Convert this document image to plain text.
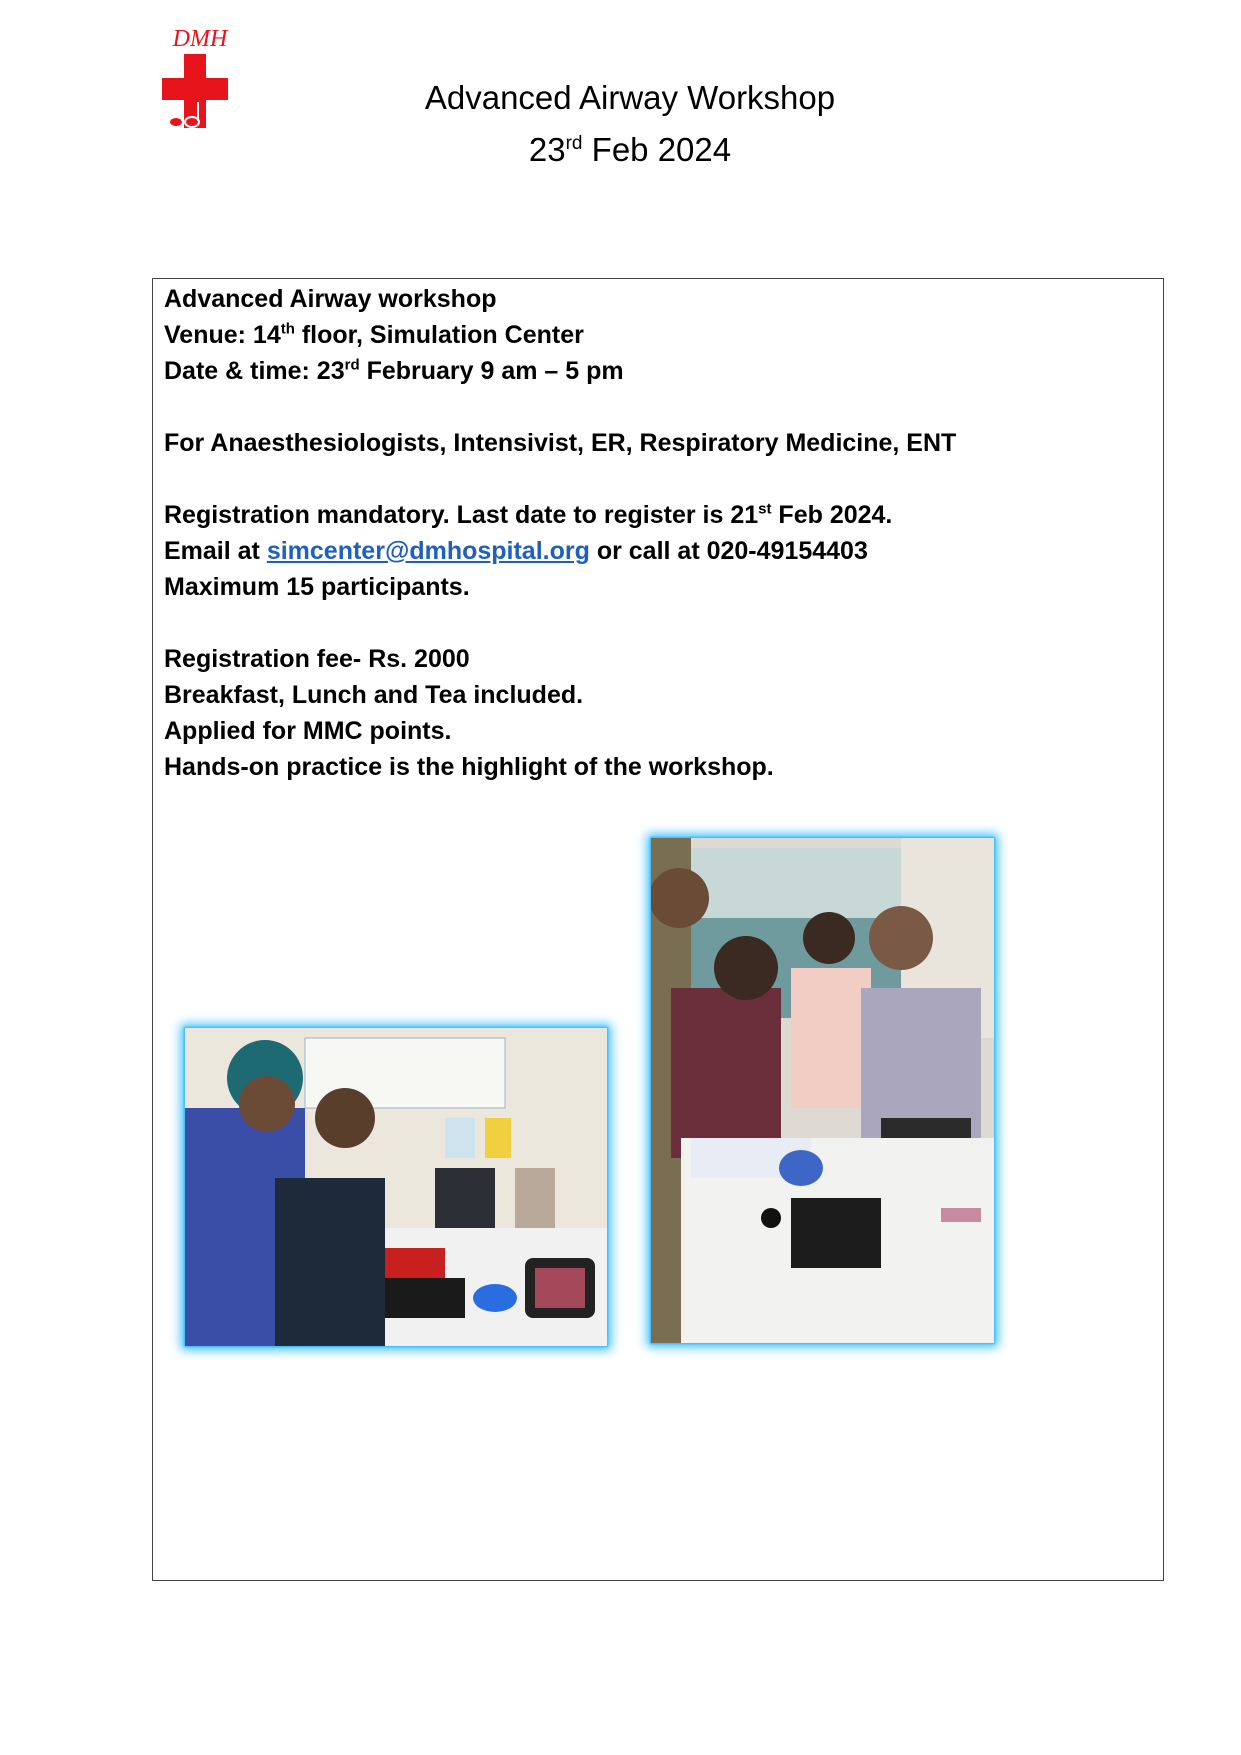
DMH
Advanced Airway Workshop
23rd Feb 2024

Advanced Airway workshop

Venue: 14th floor, Simulation Center

Date & time: 23rd February 9 am – 5 pm

For Anaesthesiologists, Intensivist, ER, Respiratory Medicine, ENT

Registration mandatory. Last date to register is 21st Feb 2024.

Email at simcenter@dmhospital.org or call at 020-49154403

Maximum 15 participants.

Registration fee- Rs. 2000

Breakfast, Lunch and Tea included.

Applied for MMC points.

Hands-on practice is the highlight of the workshop.
